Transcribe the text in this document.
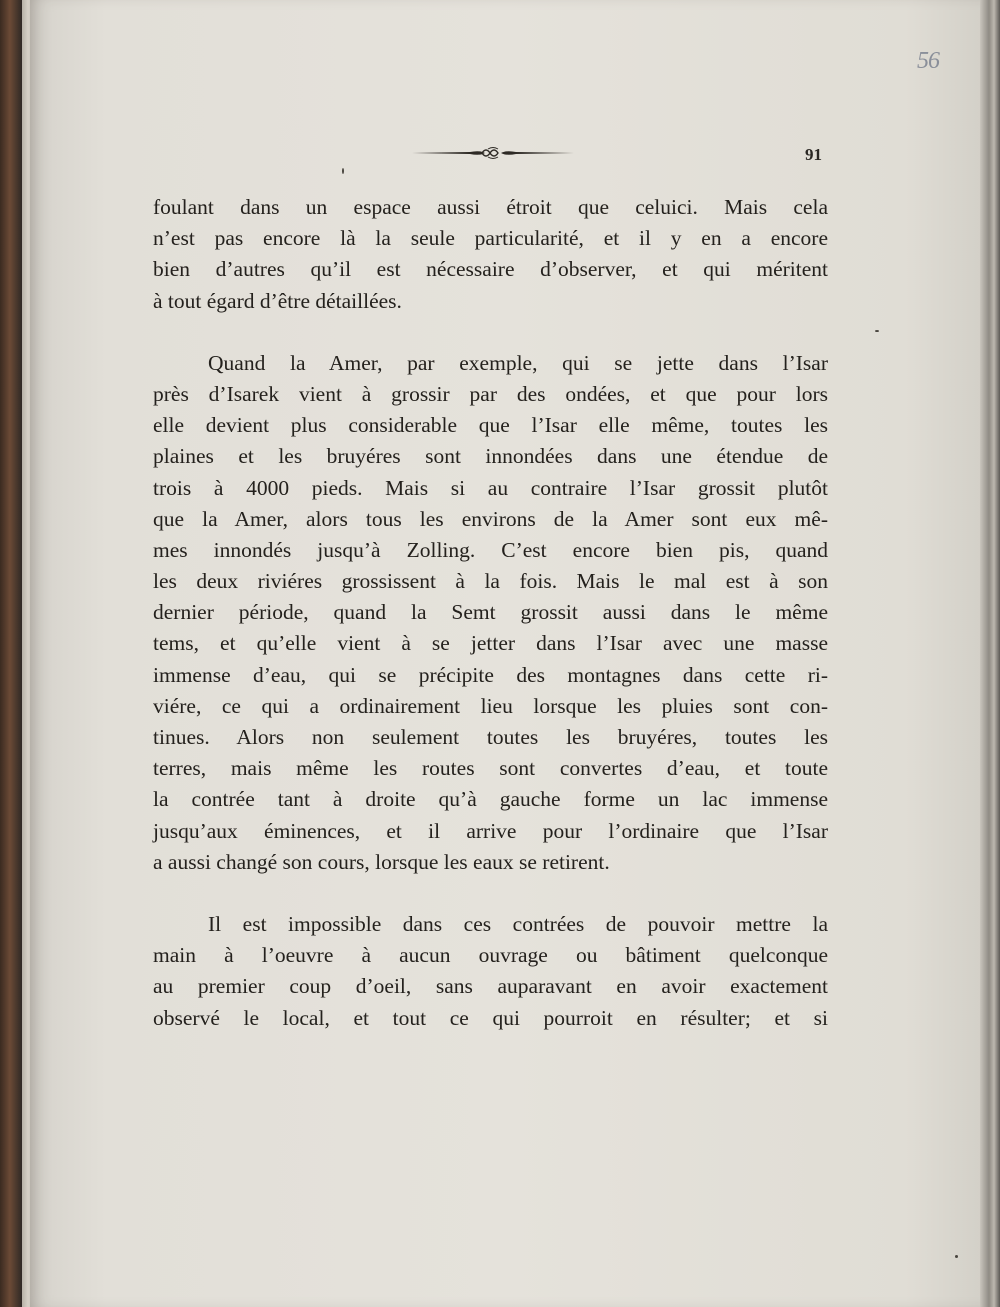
56
91

foulant dans un espace aussi étroit que celuici. Mais cela
n’est pas encore là la seule particularité, et il y en a encore
bien d’autres qu’il est nécessaire d’observer, et qui méritent
à tout égard d’être détaillées.

Quand la Amer, par exemple, qui se jette dans l’Isar
près d’Isarek vient à grossir par des ondées, et que pour lors
elle devient plus considerable que l’Isar elle même, toutes les
plaines et les bruyéres sont innondées dans une étendue de
trois à 4000 pieds. Mais si au contraire l’Isar grossit plutôt
que la Amer, alors tous les environs de la Amer sont eux mê-
mes innondés jusqu’à Zolling. C’est encore bien pis, quand
les deux riviéres grossissent à la fois. Mais le mal est à son
dernier période, quand la Semt grossit aussi dans le même
tems, et qu’elle vient à se jetter dans l’Isar avec une masse
immense d’eau, qui se précipite des montagnes dans cette ri-
viére, ce qui a ordinairement lieu lorsque les pluies sont con-
tinues. Alors non seulement toutes les bruyéres, toutes les
terres, mais même les routes sont convertes d’eau, et toute
la contrée tant à droite qu’à gauche forme un lac immense
jusqu’aux éminences, et il arrive pour l’ordinaire que l’Isar
a aussi changé son cours, lorsque les eaux se retirent.

Il est impossible dans ces contrées de pouvoir mettre la
main à l’oeuvre à aucun ouvrage ou bâtiment quelconque
au premier coup d’oeil, sans auparavant en avoir exactement
observé le local, et tout ce qui pourroit en résulter; et si
